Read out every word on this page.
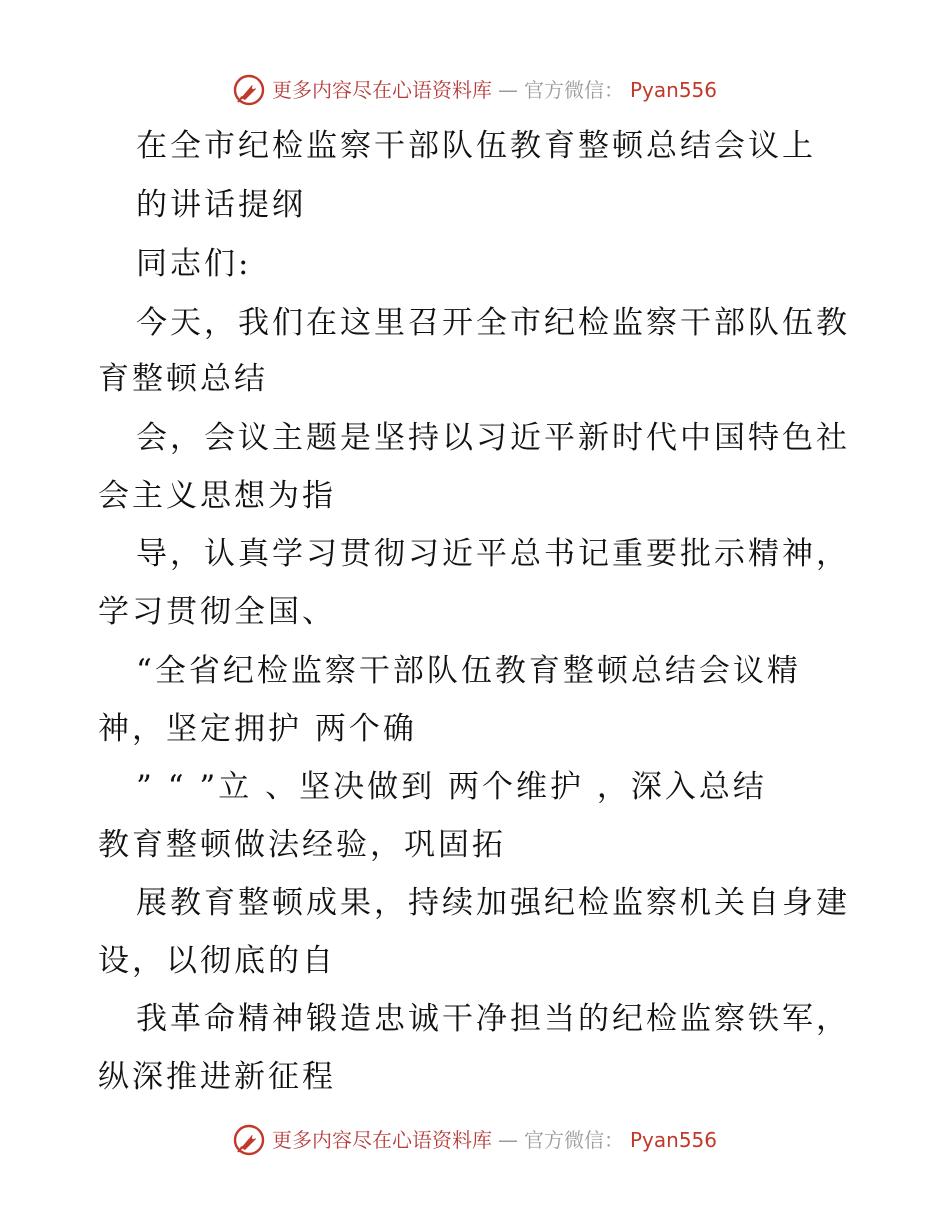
更多内容尽在心语资料库 — 官方微信： Pyan556
在全市纪检监察干部队伍教育整顿总结会议上
的讲话提纲
同志们:
今天，我们在这里召开全市纪检监察干部队伍教
育整顿总结
会，会议主题是坚持以习近平新时代中国特色社
会主义思想为指
导，认真学习贯彻习近平总书记重要批示精神，
学习贯彻全国、
“全省纪检监察干部队伍教育整顿总结会议精
神，坚定拥护 两个确
” “ ”立 、坚决做到 两个维护 ，深入总结
教育整顿做法经验，巩固拓
展教育整顿成果，持续加强纪检监察机关自身建
设，以彻底的自
我革命精神锻造忠诚干净担当的纪检监察铁军，
纵深推进新征程
更多内容尽在心语资料库 — 官方微信： Pyan556
